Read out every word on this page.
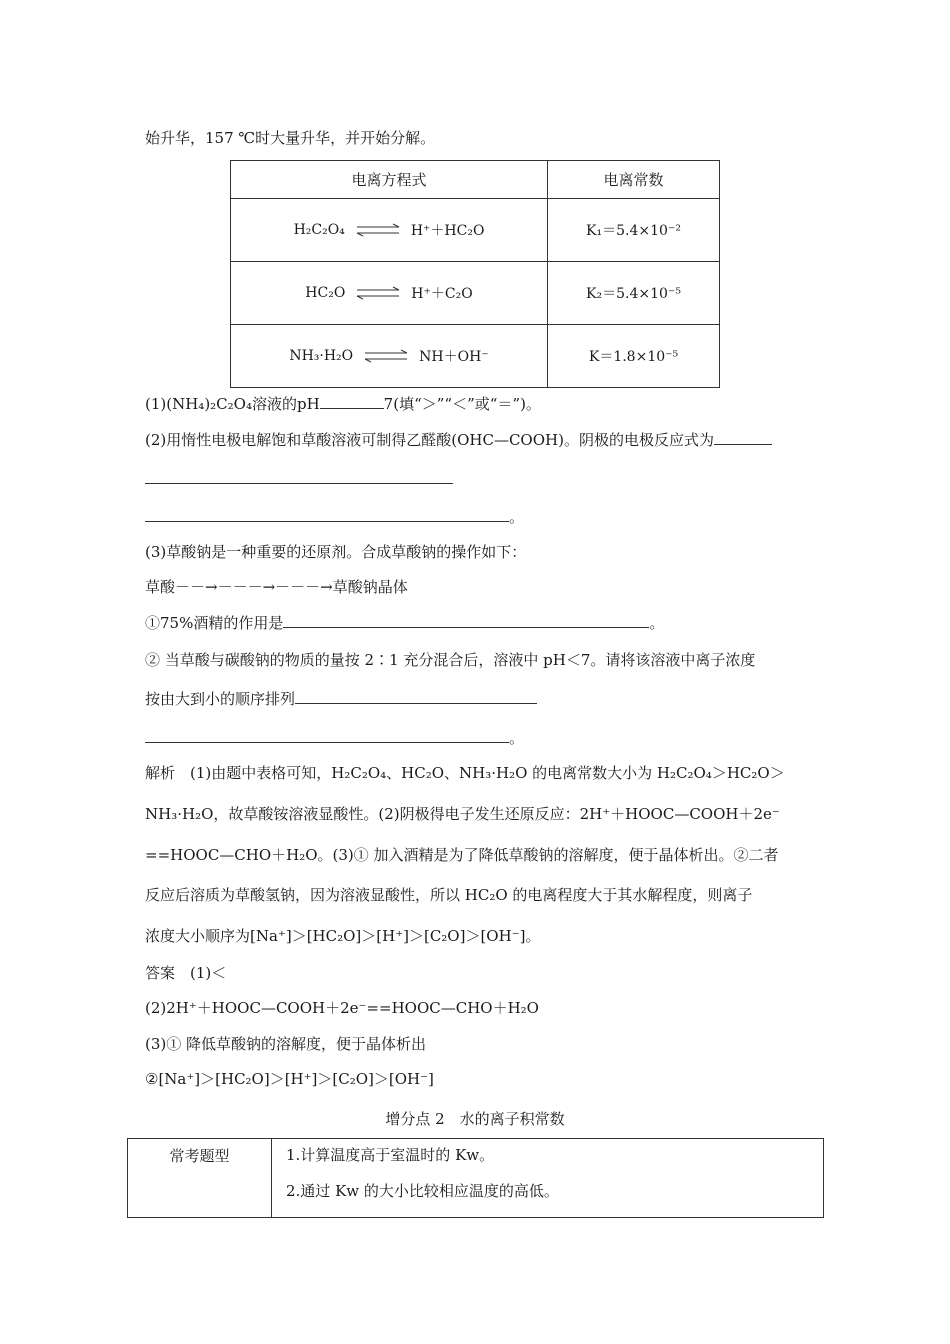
始升华，157 ℃时大量升华，并开始分解。
电离方程式	电离常数

H₂C₂O₄ ⇌ H⁺＋HC₂O	K₁＝5.4×10⁻²

HC₂O ⇌ H⁺＋C₂O	K₂＝5.4×10⁻⁵

NH₃·H₂O ⇌ NH＋OH⁻	K＝1.8×10⁻⁵
(1)(NH₄)₂C₂O₄溶液的pH	7(填“＞”“＜”或“＝”)。
(2)用惰性电极电解饱和草酸溶液可制得乙醛酸(OHC—COOH)。阴极的电极反应式为
。
(3)草酸钠是一种重要的还原剂。合成草酸钠的操作如下：
草酸－－→－－－→－－－→草酸钠晶体
①75%酒精的作用是	。
② 当草酸与碳酸钠的物质的量按 2∶1 充分混合后，溶液中 pH＜7。请将该溶液中离子浓度
按由大到小的顺序排列
。
解析　(1)由题中表格可知，H₂C₂O₄、HC₂O、NH₃·H₂O 的电离常数大小为 H₂C₂O₄＞HC₂O＞
NH₃·H₂O，故草酸铵溶液显酸性。(2)阴极得电子发生还原反应：2H⁺＋HOOC—COOH＋2e⁻
==HOOC—CHO＋H₂O。(3)① 加入酒精是为了降低草酸钠的溶解度，便于晶体析出。②二者
反应后溶质为草酸氢钠，因为溶液显酸性，所以 HC₂O 的电离程度大于其水解程度，则离子
浓度大小顺序为[Na⁺]＞[HC₂O]＞[H⁺]＞[C₂O]＞[OH⁻]。
答案　(1)＜
(2)2H⁺＋HOOC—COOH＋2e⁻==HOOC—CHO＋H₂O
(3)① 降低草酸钠的溶解度，便于晶体析出
②[Na⁺]＞[HC₂O]＞[H⁺]＞[C₂O]＞[OH⁻]
增分点 2　水的离子积常数
常考题型	1.计算温度高于室温时的 Kw。
2.通过 Kw 的大小比较相应温度的高低。
